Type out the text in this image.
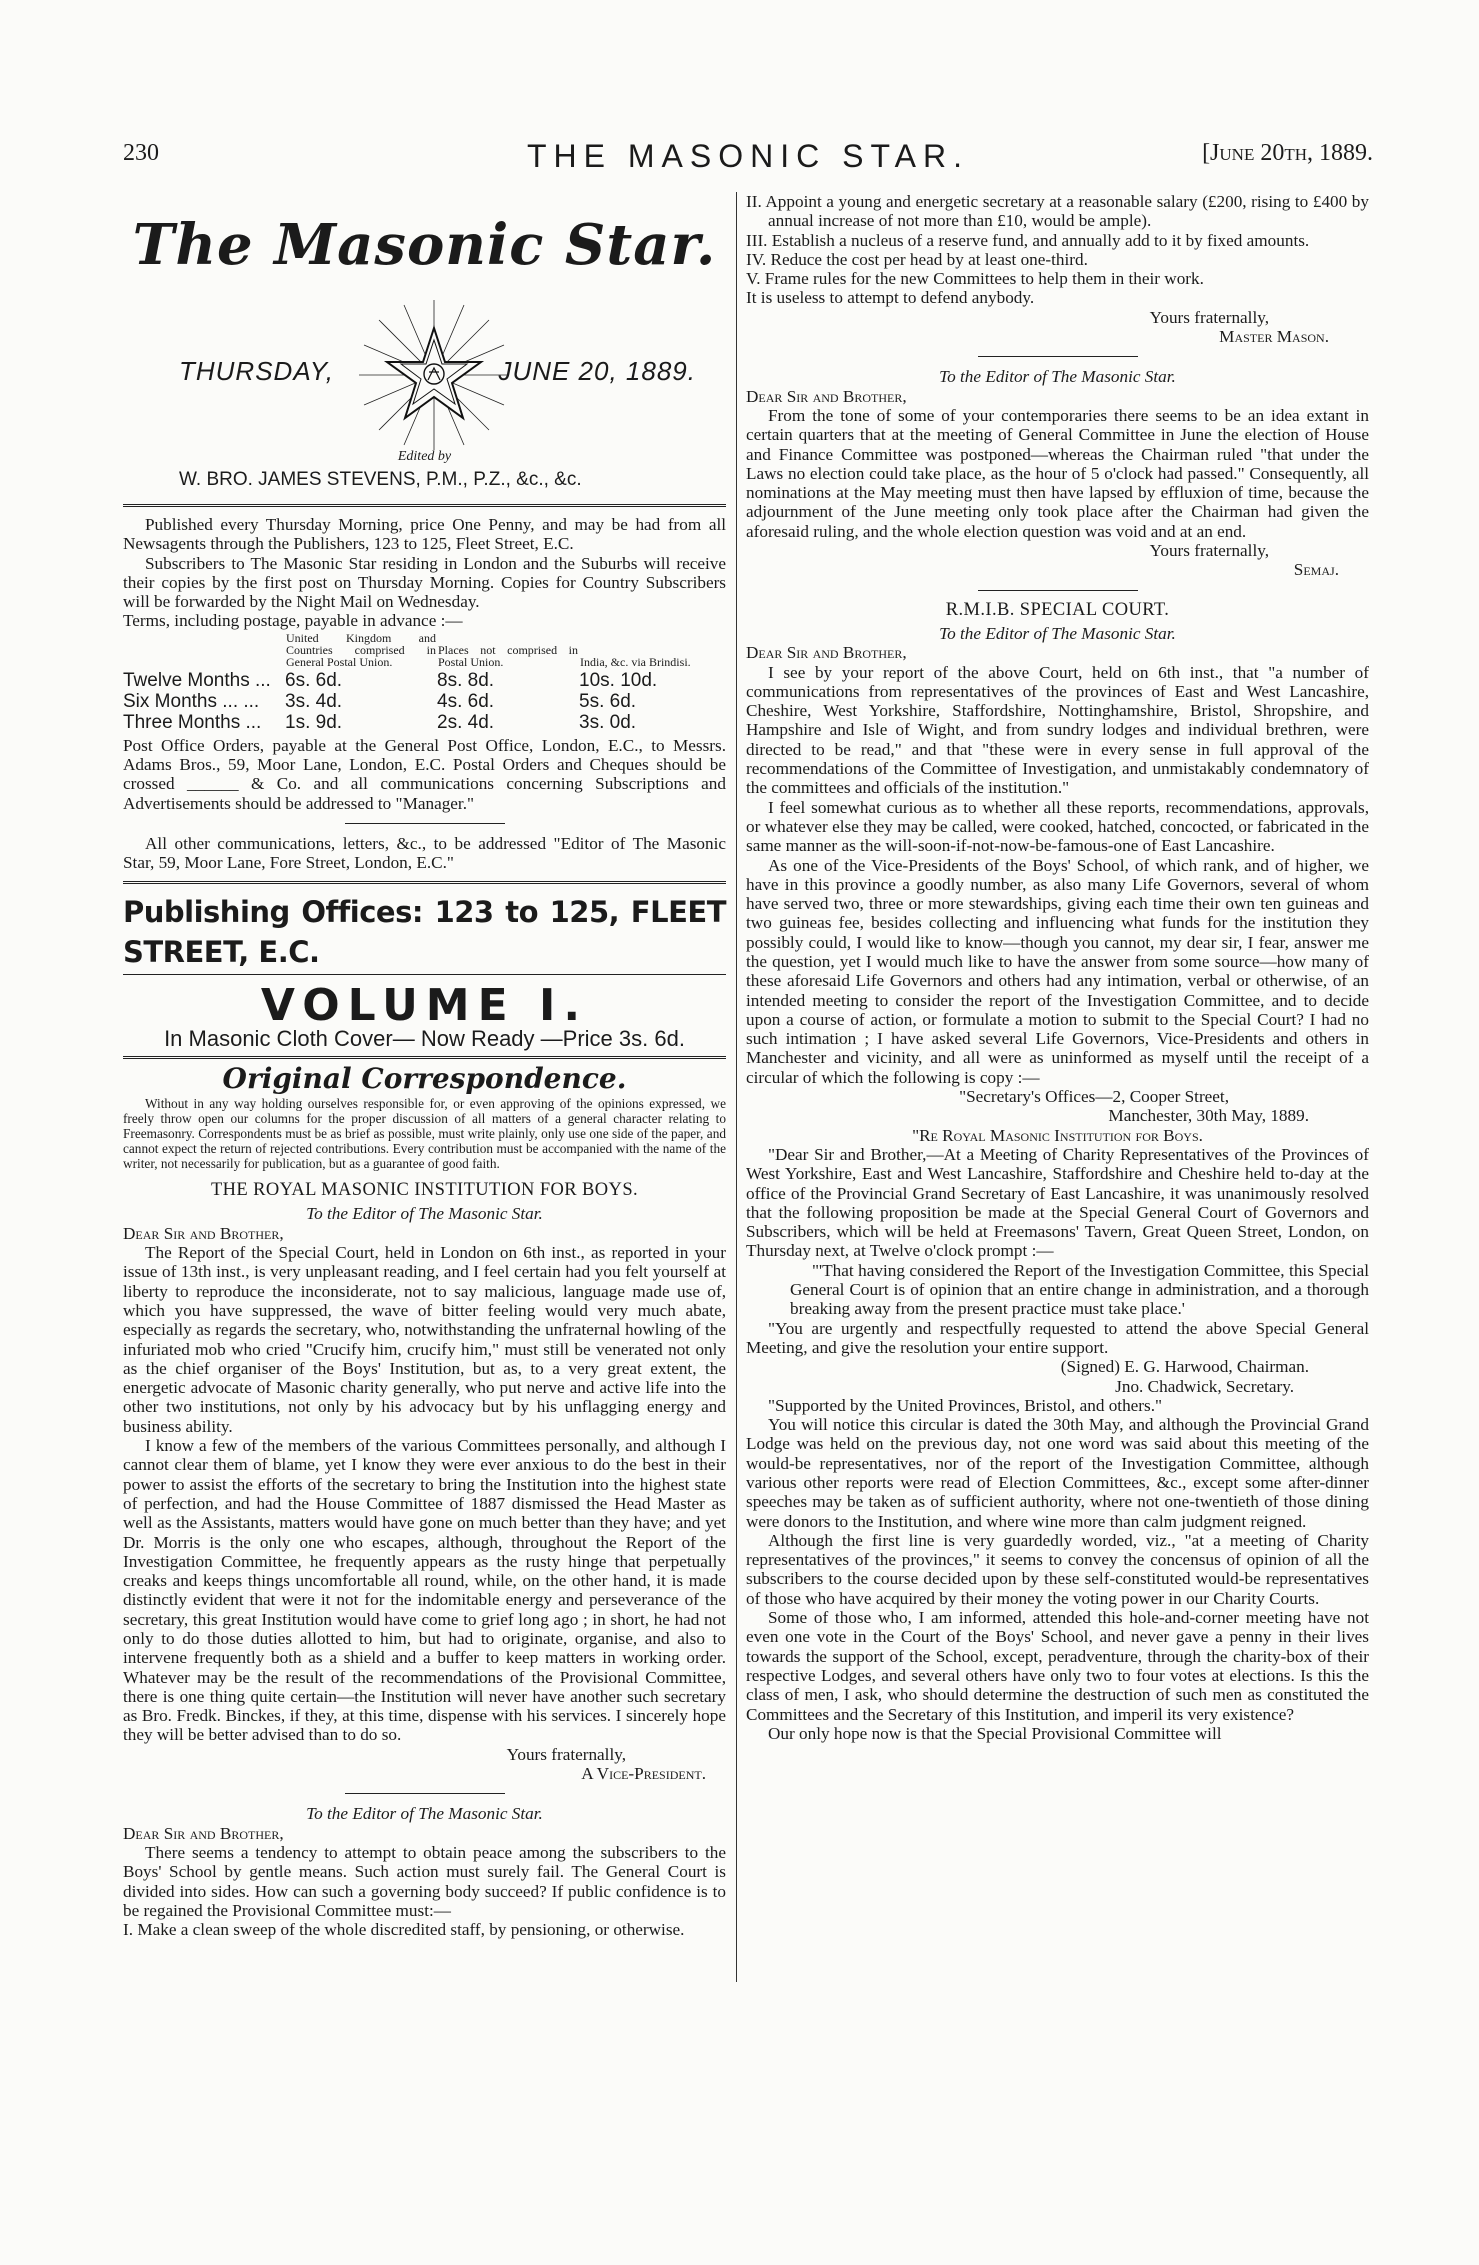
230	THE MASONIC STAR.	[June 20th, 1889.
The Masonic Star.
THURSDAY,	JUNE 20, 1889.
Edited by
W. BRO. JAMES STEVENS, P.M., P.Z., &c., &c.

Published every Thursday Morning, price One Penny, and may be had from all Newsagents through the Publishers, 123 to 125, Fleet Street, E.C.

Subscribers to The Masonic Star residing in London and the Suburbs will receive their copies by the first post on Thursday Morning. Copies for Country Subscribers will be forwarded by the Night Mail on Wednesday.

Terms, including postage, payable in advance :—

	United Kingdom and Countries comprised in General Postal Union.	Places not comprised in Postal Union.	India, &c. via Brindisi.
Twelve Months ...	6s. 6d.	8s. 8d.	10s. 10d.
Six Months ... ...	3s. 4d.	4s. 6d.	5s. 6d.
Three Months ...	1s. 9d.	2s. 4d.	3s. 0d.

Post Office Orders, payable at the General Post Office, London, E.C., to Messrs. Adams Bros., 59, Moor Lane, London, E.C. Postal Orders and Cheques should be crossed ______ & Co. and all communications concerning Subscriptions and Advertisements should be addressed to "Manager."

All other communications, letters, &c., to be addressed "Editor of The Masonic Star, 59, Moor Lane, Fore Street, London, E.C."

Publishing Offices: 123 to 125, FLEET STREET, E.C.
VOLUME I.
In Masonic Cloth Cover— Now Ready —Price 3s. 6d.
Original Correspondence.

Without in any way holding ourselves responsible for, or even approving of the opinions expressed, we freely throw open our columns for the proper discussion of all matters of a general character relating to Freemasonry. Correspondents must be as brief as possible, must write plainly, only use one side of the paper, and cannot expect the return of rejected contributions. Every contribution must be accompanied with the name of the writer, not necessarily for publication, but as a guarantee of good faith.

THE ROYAL MASONIC INSTITUTION FOR BOYS.

To the Editor of The Masonic Star.

Dear Sir and Brother,

The Report of the Special Court, held in London on 6th inst., as reported in your issue of 13th inst., is very unpleasant reading, and I feel certain had you felt yourself at liberty to reproduce the inconsiderate, not to say malicious, language made use of, which you have suppressed, the wave of bitter feeling would very much abate, especially as regards the secretary, who, notwithstanding the unfraternal howling of the infuriated mob who cried "Crucify him, crucify him," must still be venerated not only as the chief organiser of the Boys' Institution, but as, to a very great extent, the energetic advocate of Masonic charity generally, who put nerve and active life into the other two institutions, not only by his advocacy but by his unflagging energy and business ability.

I know a few of the members of the various Committees personally, and although I cannot clear them of blame, yet I know they were ever anxious to do the best in their power to assist the efforts of the secretary to bring the Institution into the highest state of perfection, and had the House Committee of 1887 dismissed the Head Master as well as the Assistants, matters would have gone on much better than they have; and yet Dr. Morris is the only one who escapes, although, throughout the Report of the Investigation Committee, he frequently appears as the rusty hinge that perpetually creaks and keeps things uncomfortable all round, while, on the other hand, it is made distinctly evident that were it not for the indomitable energy and perseverance of the secretary, this great Institution would have come to grief long ago ; in short, he had not only to do those duties allotted to him, but had to originate, organise, and also to intervene frequently both as a shield and a buffer to keep matters in working order. Whatever may be the result of the recommendations of the Provisional Committee, there is one thing quite certain—the Institution will never have another such secretary as Bro. Fredk. Binckes, if they, at this time, dispense with his services. I sincerely hope they will be better advised than to do so.

Yours fraternally,

A Vice-President.

To the Editor of The Masonic Star.

Dear Sir and Brother,

There seems a tendency to attempt to obtain peace among the subscribers to the Boys' School by gentle means. Such action must surely fail. The General Court is divided into sides. How can such a governing body succeed? If public confidence is to be regained the Provisional Committee must:—

I. Make a clean sweep of the whole discredited staff, by pensioning, or otherwise.

II. Appoint a young and energetic secretary at a reasonable salary (£200, rising to £400 by annual increase of not more than £10, would be ample).

III. Establish a nucleus of a reserve fund, and annually add to it by fixed amounts.

IV. Reduce the cost per head by at least one-third.

V. Frame rules for the new Committees to help them in their work.

It is useless to attempt to defend anybody.

Yours fraternally,

Master Mason.

To the Editor of The Masonic Star.

Dear Sir and Brother,

From the tone of some of your contemporaries there seems to be an idea extant in certain quarters that at the meeting of General Committee in June the election of House and Finance Committee was postponed—whereas the Chairman ruled "that under the Laws no election could take place, as the hour of 5 o'clock had passed." Consequently, all nominations at the May meeting must then have lapsed by effluxion of time, because the adjournment of the June meeting only took place after the Chairman had given the aforesaid ruling, and the whole election question was void and at an end.

Yours fraternally,

Semaj.

R.M.I.B. SPECIAL COURT.

To the Editor of The Masonic Star.

Dear Sir and Brother,

I see by your report of the above Court, held on 6th inst., that "a number of communications from representatives of the provinces of East and West Lancashire, Cheshire, West Yorkshire, Staffordshire, Nottinghamshire, Bristol, Shropshire, and Hampshire and Isle of Wight, and from sundry lodges and individual brethren, were directed to be read," and that "these were in every sense in full approval of the recommendations of the Committee of Investigation, and unmistakably condemnatory of the committees and officials of the institution."

I feel somewhat curious as to whether all these reports, recommendations, approvals, or whatever else they may be called, were cooked, hatched, concocted, or fabricated in the same manner as the will-soon-if-not-now-be-famous-one of East Lancashire.

As one of the Vice-Presidents of the Boys' School, of which rank, and of higher, we have in this province a goodly number, as also many Life Governors, several of whom have served two, three or more stewardships, giving each time their own ten guineas and two guineas fee, besides collecting and influencing what funds for the institution they possibly could, I would like to know—though you cannot, my dear sir, I fear, answer me the question, yet I would much like to have the answer from some source—how many of these aforesaid Life Governors and others had any intimation, verbal or otherwise, of an intended meeting to consider the report of the Investigation Committee, and to decide upon a course of action, or formulate a motion to submit to the Special Court? I had no such intimation ; I have asked several Life Governors, Vice-Presidents and others in Manchester and vicinity, and all were as uninformed as myself until the receipt of a circular of which the following is copy :—

"Secretary's Offices—2, Cooper Street,

Manchester, 30th May, 1889.

"Re Royal Masonic Institution for Boys.

"Dear Sir and Brother,—At a Meeting of Charity Representatives of the Provinces of West Yorkshire, East and West Lancashire, Staffordshire and Cheshire held to-day at the office of the Provincial Grand Secretary of East Lancashire, it was unanimously resolved that the following proposition be made at the Special General Court of Governors and Subscribers, which will be held at Freemasons' Tavern, Great Queen Street, London, on Thursday next, at Twelve o'clock prompt :—

"'That having considered the Report of the Investigation Committee, this Special General Court is of opinion that an entire change in administration, and a thorough breaking away from the present practice must take place.'

"You are urgently and respectfully requested to attend the above Special General Meeting, and give the resolution your entire support.

(Signed) E. G. Harwood, Chairman.

Jno. Chadwick, Secretary.

"Supported by the United Provinces, Bristol, and others."

You will notice this circular is dated the 30th May, and although the Provincial Grand Lodge was held on the previous day, not one word was said about this meeting of the would-be representatives, nor of the report of the Investigation Committee, although various other reports were read of Election Committees, &c., except some after-dinner speeches may be taken as of sufficient authority, where not one-twentieth of those dining were donors to the Institution, and where wine more than calm judgment reigned.

Although the first line is very guardedly worded, viz., "at a meeting of Charity representatives of the provinces," it seems to convey the concensus of opinion of all the subscribers to the course decided upon by these self-constituted would-be representatives of those who have acquired by their money the voting power in our Charity Courts.

Some of those who, I am informed, attended this hole-and-corner meeting have not even one vote in the Court of the Boys' School, and never gave a penny in their lives towards the support of the School, except, peradventure, through the charity-box of their respective Lodges, and several others have only two to four votes at elections. Is this the class of men, I ask, who should determine the destruction of such men as constituted the Committees and the Secretary of this Institution, and imperil its very existence?

Our only hope now is that the Special Provisional Committee will
